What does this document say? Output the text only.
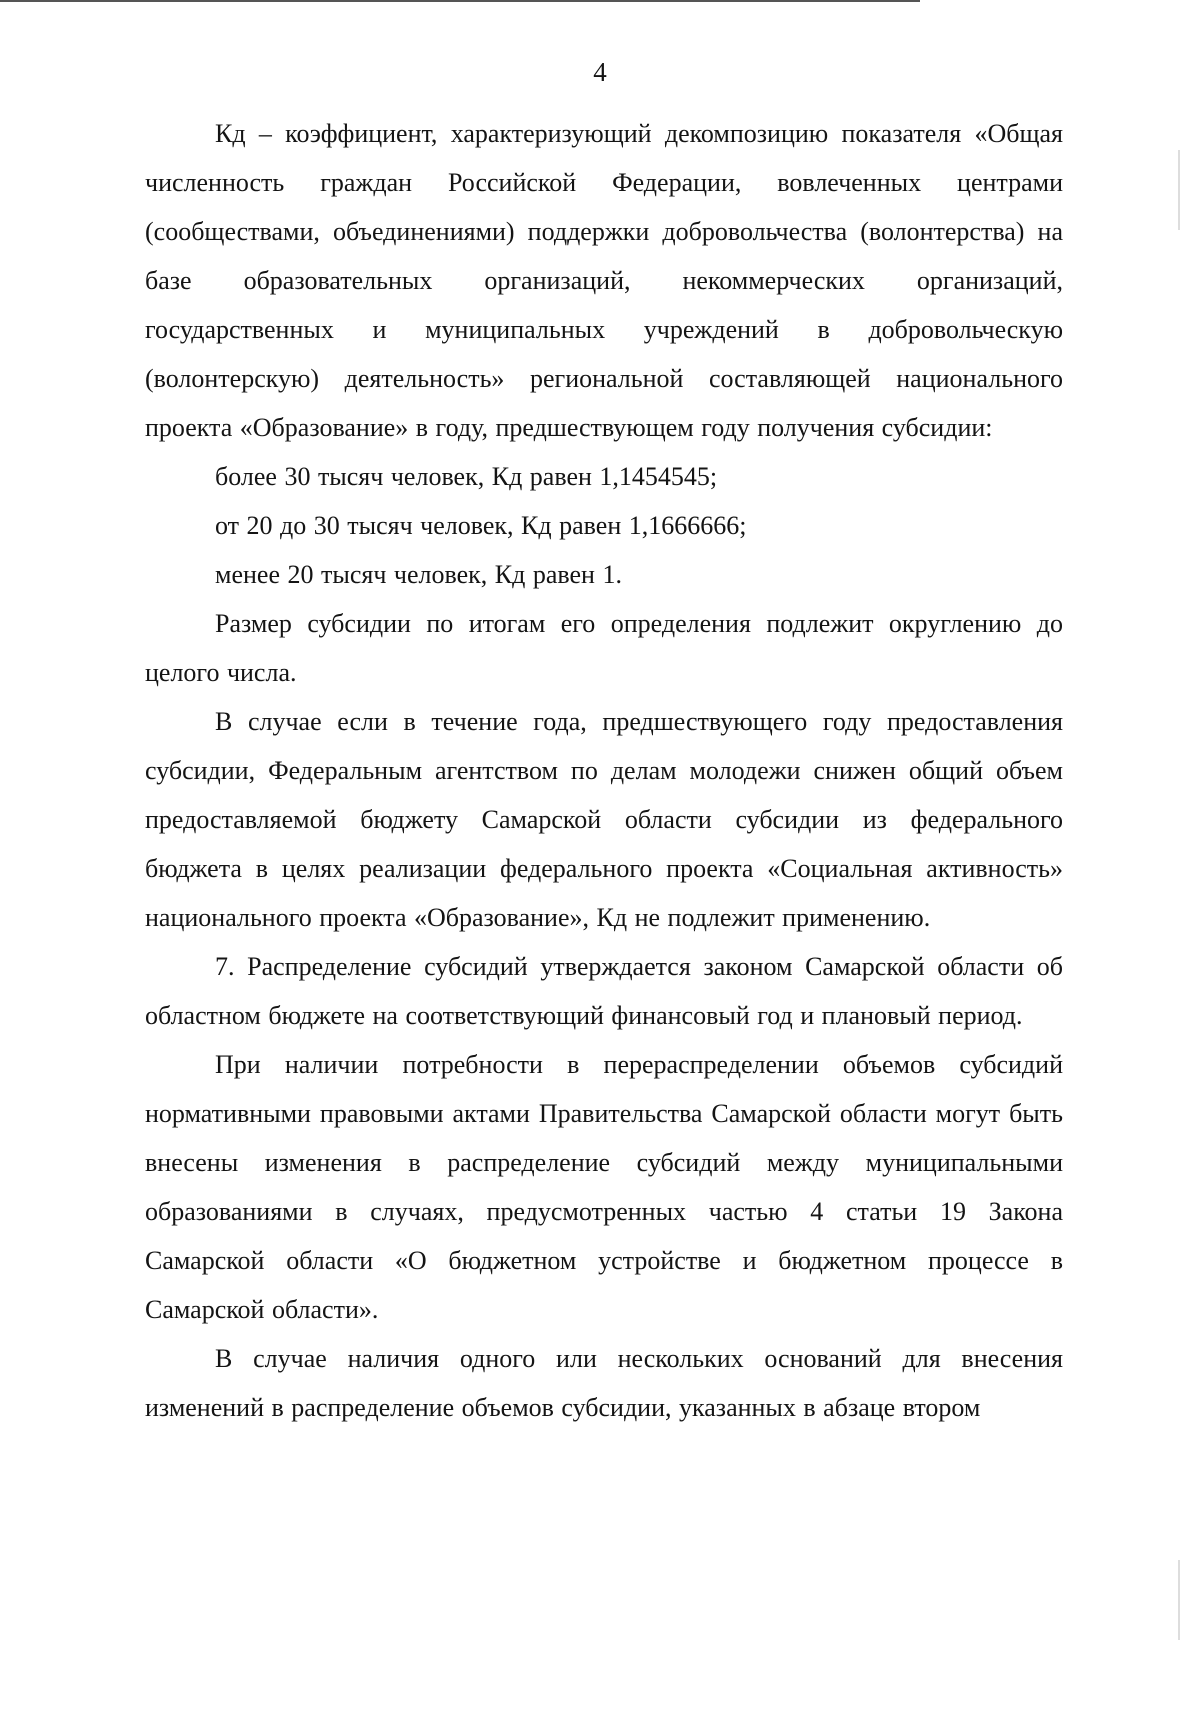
4

Кд – коэффициент, характеризующий декомпозицию показателя «Общая численность граждан Российской Федерации, вовлеченных центрами (сообществами, объединениями) поддержки добровольчества (волонтерства) на базе образовательных организаций, некоммерческих организаций, государственных и муниципальных учреждений в добровольческую (волонтерскую) деятельность» региональной составляющей национального проекта «Образование» в году, предшествующем году получения субсидии:

более 30 тысяч человек, Кд равен 1,1454545;

от 20 до 30 тысяч человек, Кд равен 1,1666666;

менее 20 тысяч человек, Кд равен 1.

Размер субсидии по итогам его определения подлежит округлению до целого числа.

В случае если в течение года, предшествующего году предоставления субсидии, Федеральным агентством по делам молодежи снижен общий объем предоставляемой бюджету Самарской области субсидии из федерального бюджета в целях реализации федерального проекта «Социальная активность» национального проекта «Образование», Кд не подлежит применению.

7. Распределение субсидий утверждается законом Самарской области об областном бюджете на соответствующий финансовый год и плановый период.

При наличии потребности в перераспределении объемов субсидий нормативными правовыми актами Правительства Самарской области могут быть внесены изменения в распределение субсидий между муниципальными образованиями в случаях, предусмотренных частью 4 статьи 19 Закона Самарской области «О бюджетном устройстве и бюджетном процессе в Самарской области».

В случае наличия одного или нескольких оснований для внесения изменений в распределение объемов субсидии, указанных в абзаце втором
